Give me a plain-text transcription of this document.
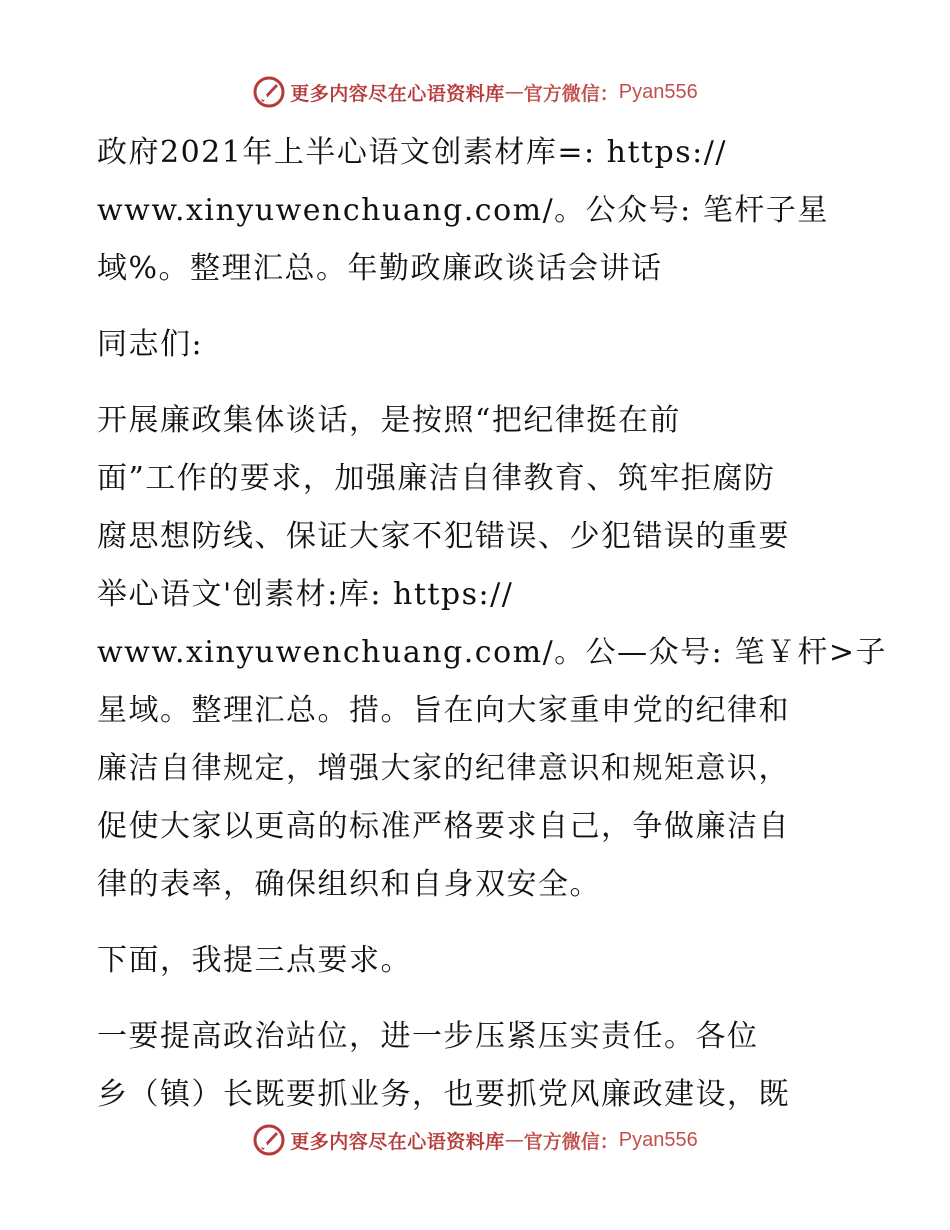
更多内容尽在心语资料库 — 官方微信： Pyan556

政府2021年上半心语文创素材库=: https://
www.xinyuwenchuang.com/。公众号: 笔杆子星
域%。整理汇总。年勤政廉政谈话会讲话

同志们:

开展廉政集体谈话，是按照“把纪律挺在前
面”工作的要求，加强廉洁自律教育、筑牢拒腐防
腐思想防线、保证大家不犯错误、少犯错误的重要
举心语文'创素材:库: https://
www.xinyuwenchuang.com/。公—众号: 笔￥杆>子
星域。整理汇总。措。旨在向大家重申党的纪律和
廉洁自律规定，增强大家的纪律意识和规矩意识，
促使大家以更高的标准严格要求自己，争做廉洁自
律的表率，确保组织和自身双安全。

下面，我提三点要求。

一要提高政治站位，进一步压紧压实责任。各位
乡（镇）长既要抓业务，也要抓党风廉政建设，既

更多内容尽在心语资料库 — 官方微信： Pyan556
